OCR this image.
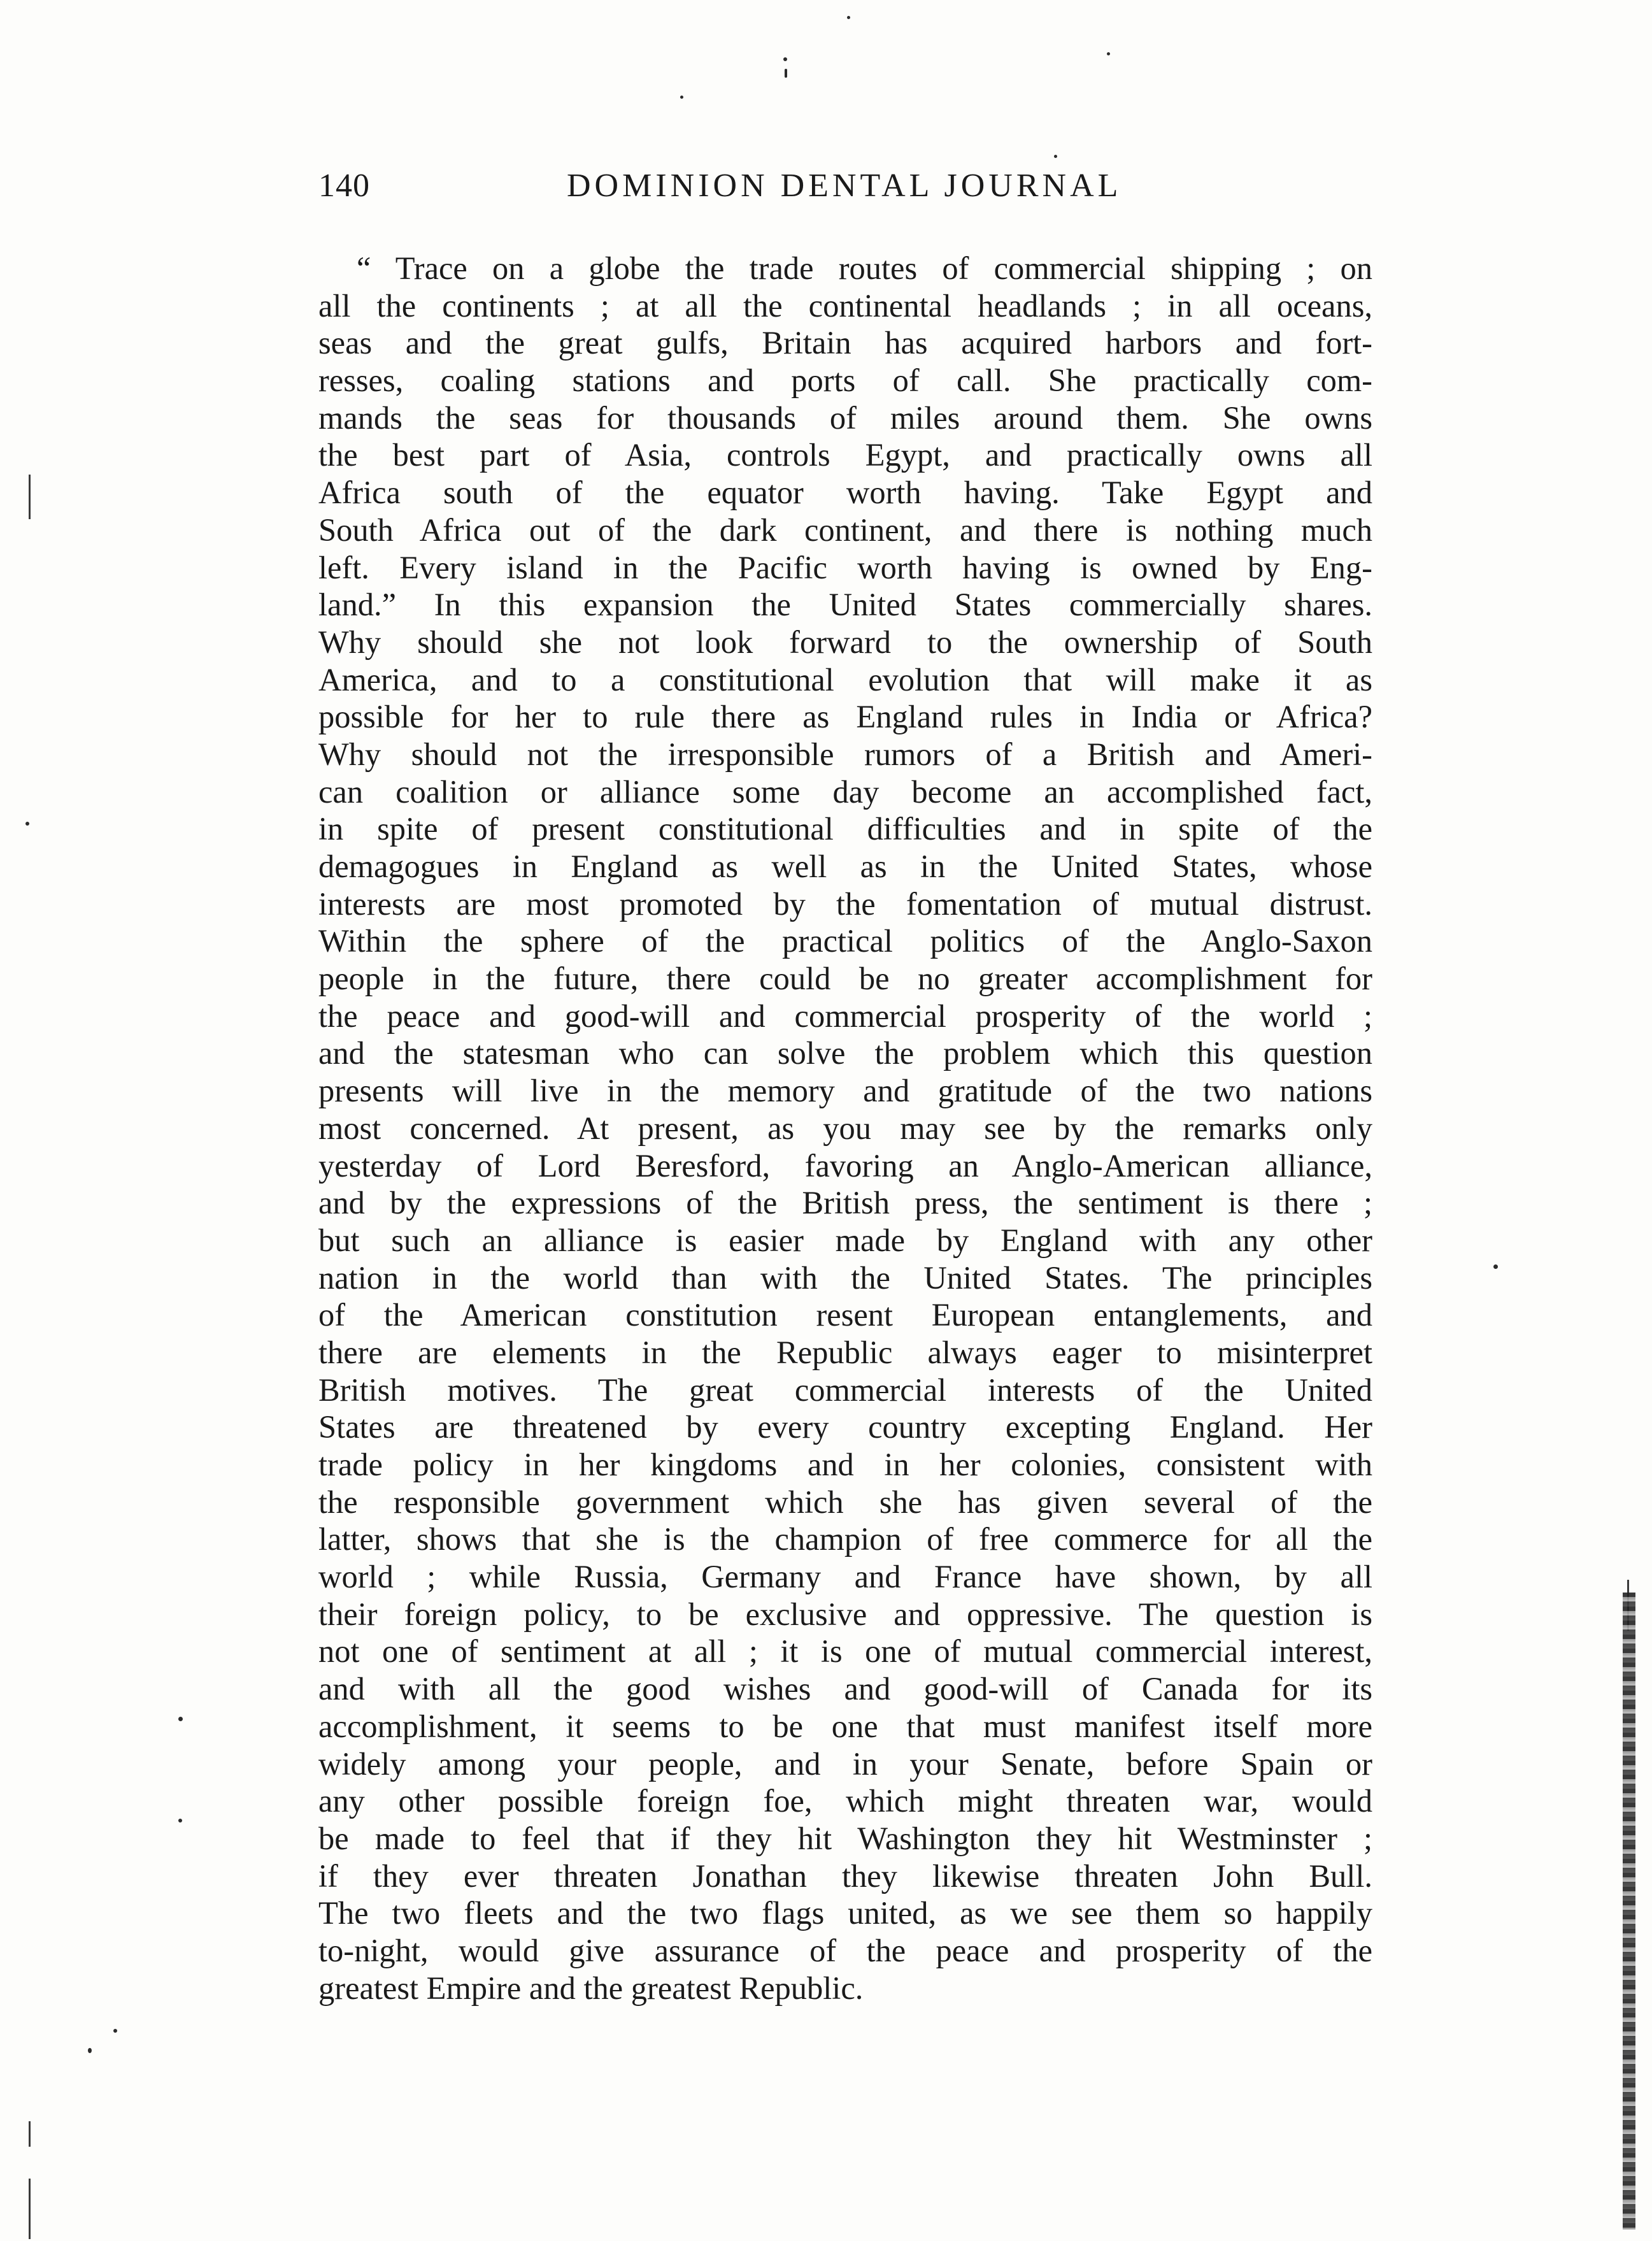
140	DOMINION DENTAL JOURNAL
“ Trace on a globe the trade routes of commercial shipping ; on
all the continents ; at all the continental headlands ; in all oceans,
seas and the great gulfs, Britain has acquired harbors and fort-
resses, coaling stations and ports of call. She practically com-
mands the seas for thousands of miles around them. She owns
the best part of Asia, controls Egypt, and practically owns all
Africa south of the equator worth having. Take Egypt and
South Africa out of the dark continent, and there is nothing much
left. Every island in the Pacific worth having is owned by Eng-
land.” In this expansion the United States commercially shares.
Why should she not look forward to the ownership of South
America, and to a constitutional evolution that will make it as
possible for her to rule there as England rules in India or Africa?
Why should not the irresponsible rumors of a British and Ameri-
can coalition or alliance some day become an accomplished fact,
in spite of present constitutional difficulties and in spite of the
demagogues in England as well as in the United States, whose
interests are most promoted by the fomentation of mutual distrust.
Within the sphere of the practical politics of the Anglo-Saxon
people in the future, there could be no greater accomplishment for
the peace and good-will and commercial prosperity of the world ;
and the statesman who can solve the problem which this question
presents will live in the memory and gratitude of the two nations
most concerned. At present, as you may see by the remarks only
yesterday of Lord Beresford, favoring an Anglo-American alliance,
and by the expressions of the British press, the sentiment is there ;
but such an alliance is easier made by England with any other
nation in the world than with the United States. The principles
of the American constitution resent European entanglements, and
there are elements in the Republic always eager to misinterpret
British motives. The great commercial interests of the United
States are threatened by every country excepting England. Her
trade policy in her kingdoms and in her colonies, consistent with
the responsible government which she has given several of the
latter, shows that she is the champion of free commerce for all the
world ; while Russia, Germany and France have shown, by all
their foreign policy, to be exclusive and oppressive. The question is
not one of sentiment at all ; it is one of mutual commercial interest,
and with all the good wishes and good-will of Canada for its
accomplishment, it seems to be one that must manifest itself more
widely among your people, and in your Senate, before Spain or
any other possible foreign foe, which might threaten war, would
be made to feel that if they hit Washington they hit Westminster ;
if they ever threaten Jonathan they likewise threaten John Bull.
The two fleets and the two flags united, as we see them so happily
to-night, would give assurance of the peace and prosperity of the
greatest Empire and the greatest Republic.
